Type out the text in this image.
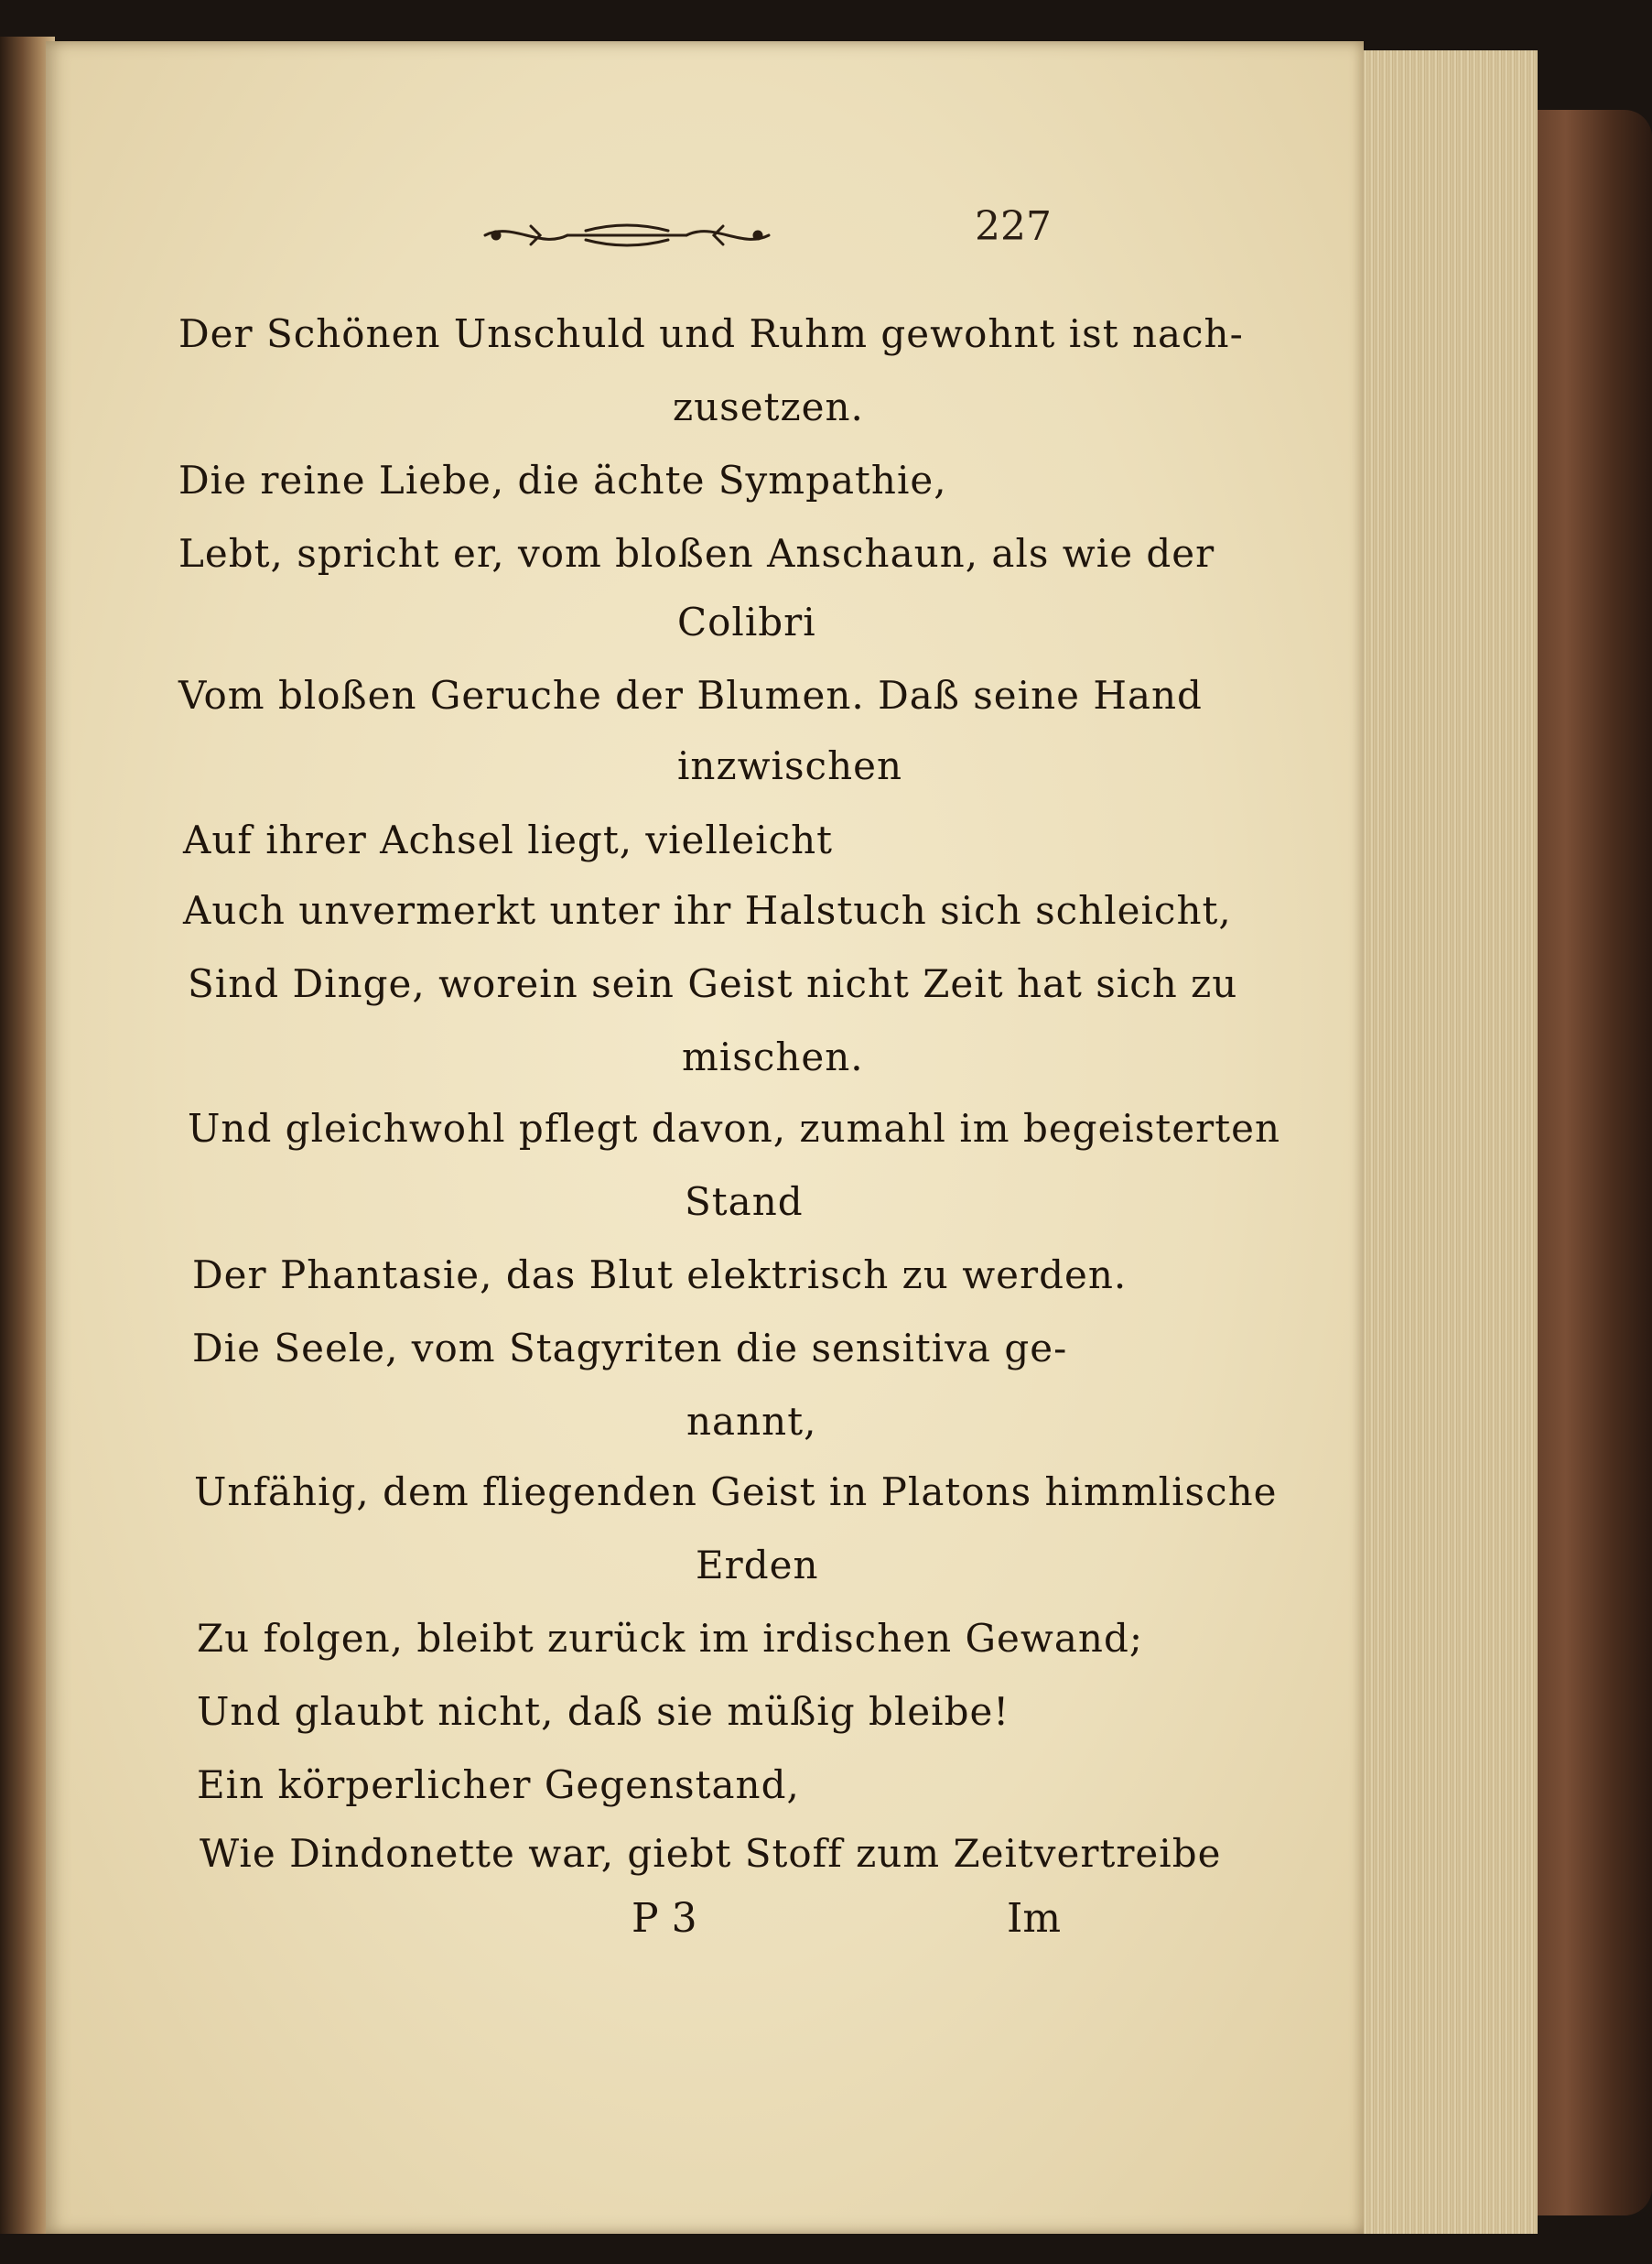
227
Der Schönen Unschuld und Ruhm gewohnt ist nach-
zusetzen.
Die reine Liebe, die ächte Sympathie,
Lebt, spricht er, vom bloßen Anschaun, als wie der
Colibri
Vom bloßen Geruche der Blumen. Daß seine Hand
inzwischen
Auf ihrer Achsel liegt, vielleicht
Auch unvermerkt unter ihr Halstuch sich schleicht,
Sind Dinge, worein sein Geist nicht Zeit hat sich zu
mischen.
Und gleichwohl pflegt davon, zumahl im begeisterten
Stand
Der Phantasie, das Blut elektrisch zu werden.
Die Seele, vom Stagyriten die sensitiva ge-
nannt,
Unfähig, dem fliegenden Geist in Platons himmlische
Erden
Zu folgen, bleibt zurück im irdischen Gewand;
Und glaubt nicht, daß sie müßig bleibe!
Ein körperlicher Gegenstand,
Wie Dindonette war, giebt Stoff zum Zeitvertreibe
P 3	Im
